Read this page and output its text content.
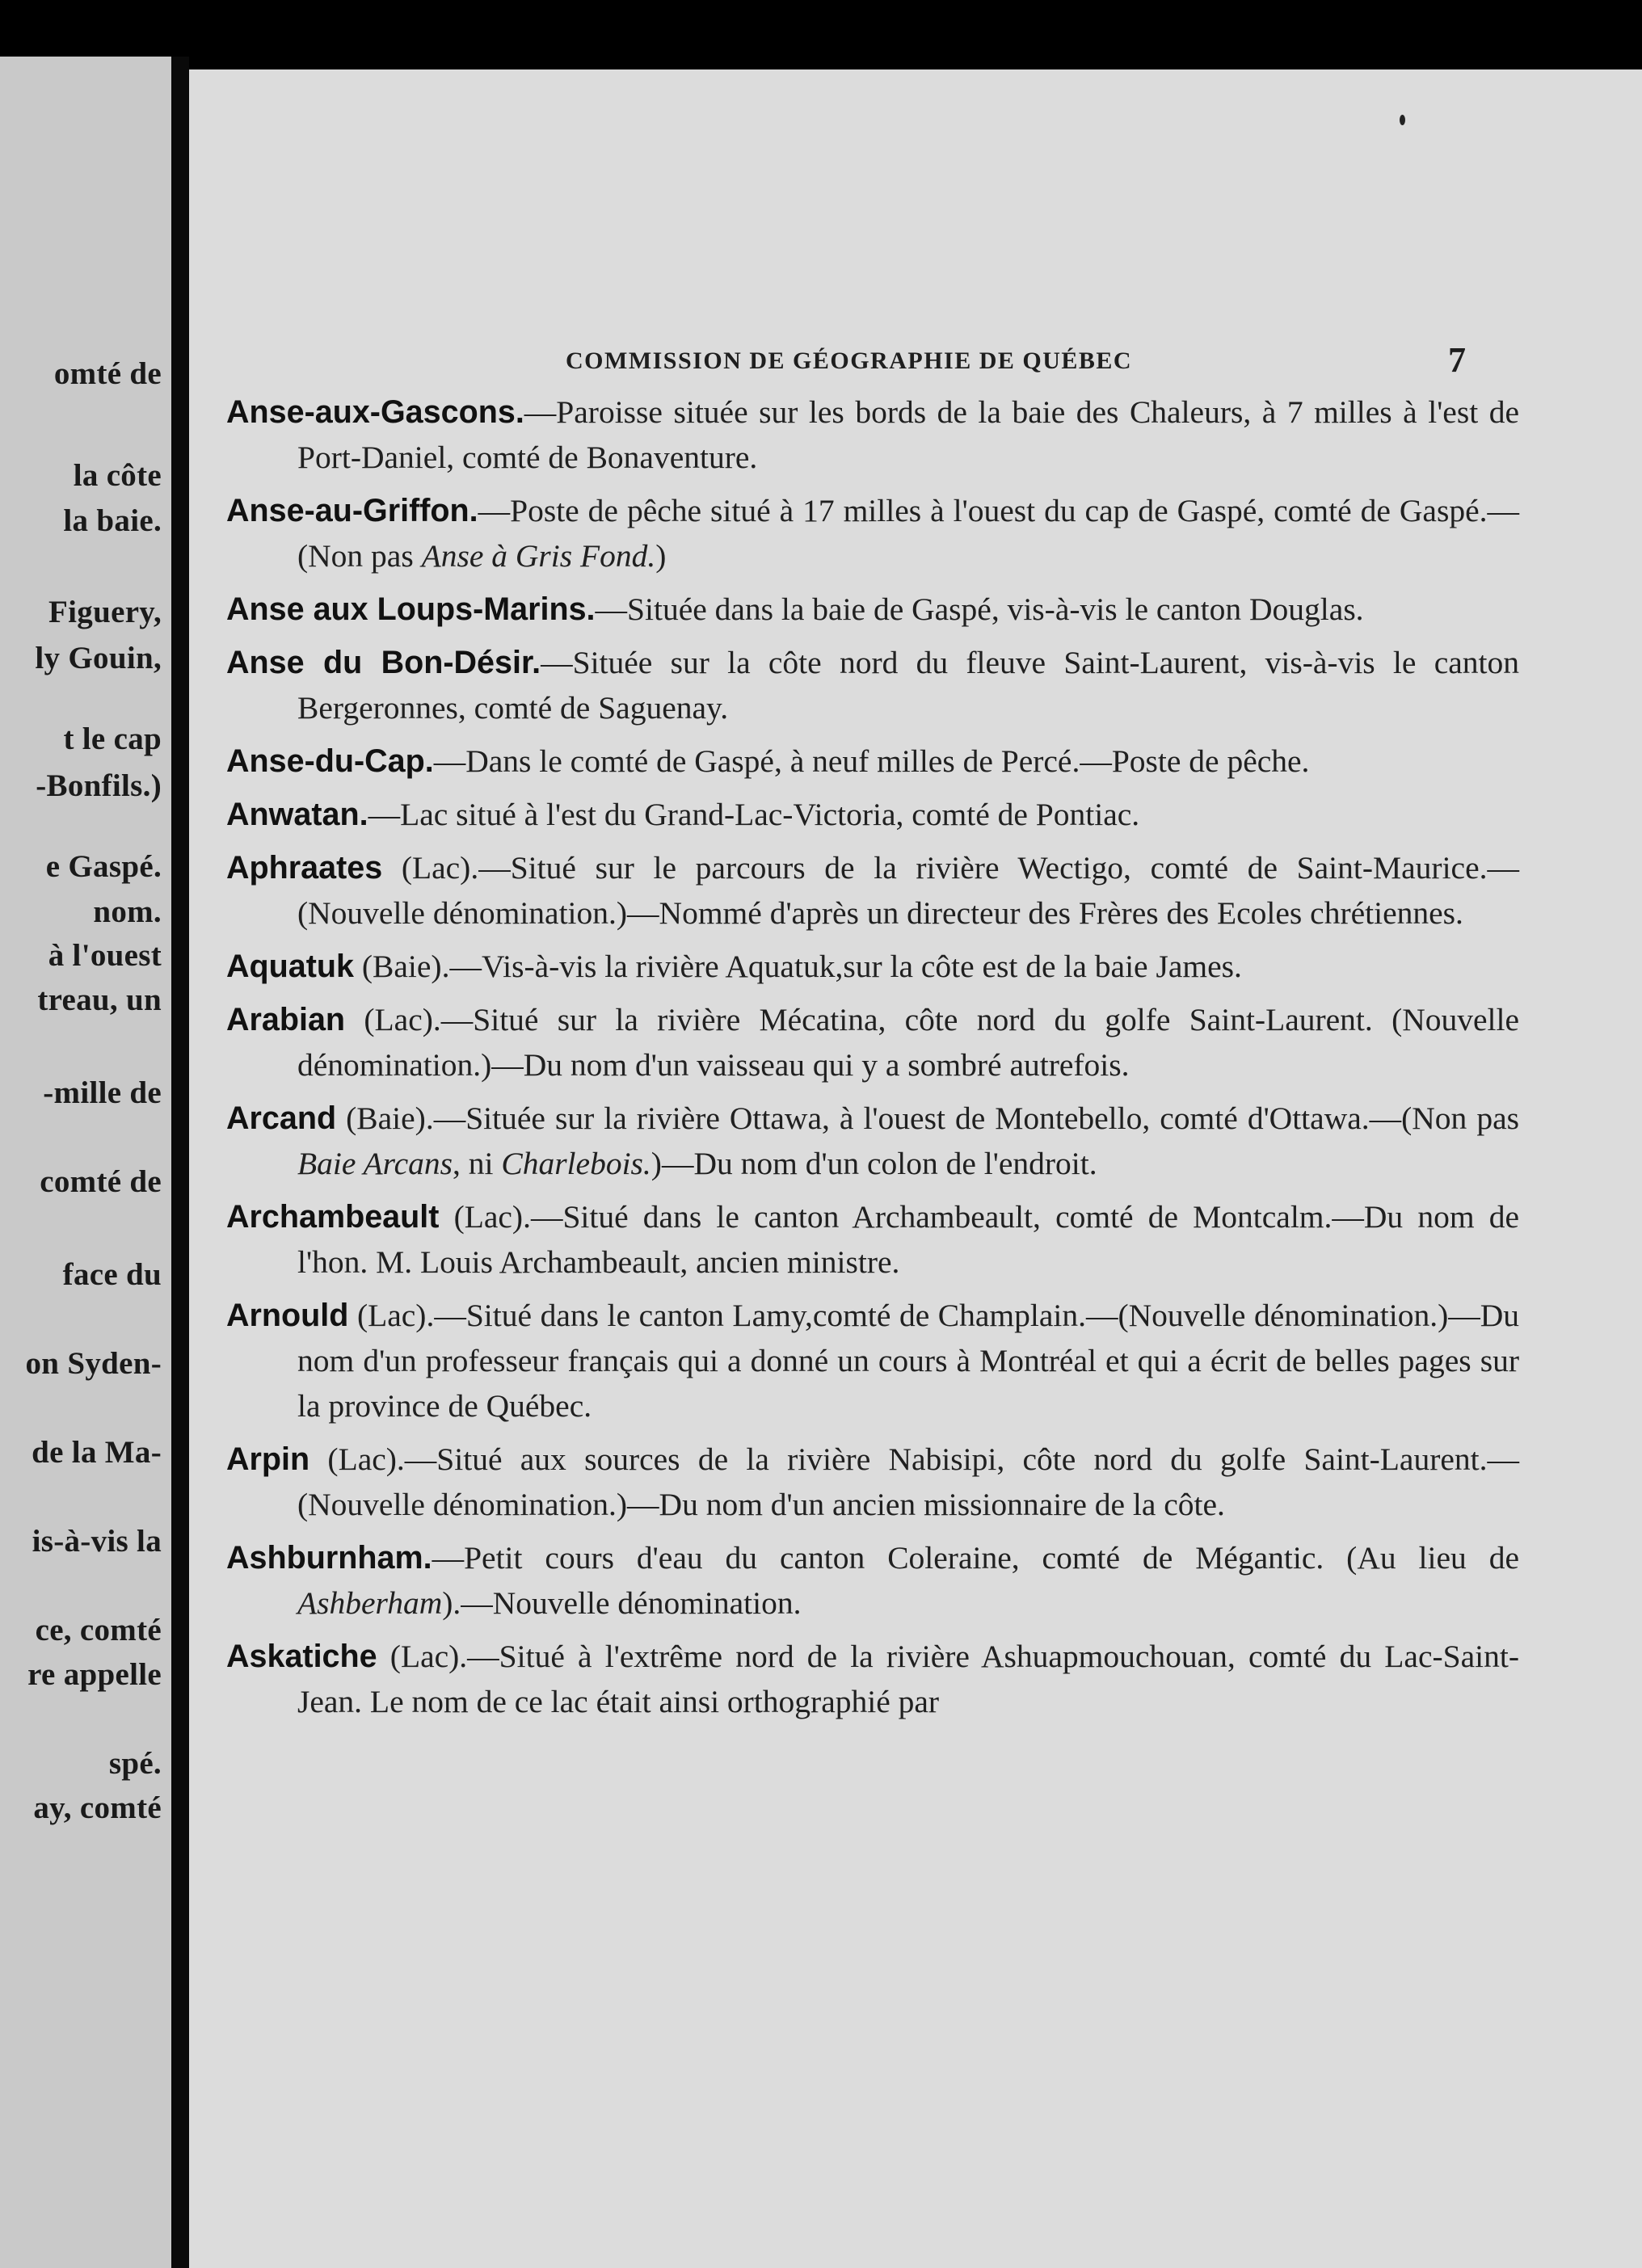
omté de
la côte
la baie.
Figuery,
ly Gouin,
t le cap
-Bonfils.)
e Gaspé.
nom.
à l'ouest
treau, un
-mille de
comté de
face du
on Syden-
de la Ma-
is-à-vis la
ce, comté
re appelle
spé.
ay, comté
COMMISSION DE GÉOGRAPHIE DE QUÉBEC	7
Anse-aux-Gascons.—Paroisse située sur les bords de la baie des Chaleurs, à 7 milles à l'est de Port-Daniel, comté de Bonaventure.
Anse-au-Griffon.—Poste de pêche situé à 17 milles à l'ouest du cap de Gaspé, comté de Gaspé.—(Non pas Anse à Gris Fond.)
Anse aux Loups-Marins.—Située dans la baie de Gaspé, vis-à-vis le canton Douglas.
Anse du Bon-Désir.—Située sur la côte nord du fleuve Saint-Laurent, vis-à-vis le canton Bergeronnes, comté de Saguenay.
Anse-du-Cap.—Dans le comté de Gaspé, à neuf milles de Percé.—Poste de pêche.
Anwatan.—Lac situé à l'est du Grand-Lac-Victoria, comté de Pontiac.
Aphraates (Lac).—Situé sur le parcours de la rivière Wectigo, comté de Saint-Maurice.—(Nouvelle dénomination.)—Nommé d'après un directeur des Frères des Ecoles chrétiennes.
Aquatuk (Baie).—Vis-à-vis la rivière Aquatuk,sur la côte est de la baie James.
Arabian (Lac).—Situé sur la rivière Mécatina, côte nord du golfe Saint-Laurent. (Nouvelle dénomination.)—Du nom d'un vaisseau qui y a sombré autrefois.
Arcand (Baie).—Située sur la rivière Ottawa, à l'ouest de Montebello, comté d'Ottawa.—(Non pas Baie Arcans, ni Charlebois.)—Du nom d'un colon de l'endroit.
Archambeault (Lac).—Situé dans le canton Archambeault, comté de Montcalm.—Du nom de l'hon. M. Louis Archambeault, ancien ministre.
Arnould (Lac).—Situé dans le canton Lamy,comté de Champlain.—(Nouvelle dénomination.)—Du nom d'un professeur français qui a donné un cours à Montréal et qui a écrit de belles pages sur la province de Québec.
Arpin (Lac).—Situé aux sources de la rivière Nabisipi, côte nord du golfe Saint-Laurent.—(Nouvelle dénomination.)—Du nom d'un ancien missionnaire de la côte.
Ashburnham.—Petit cours d'eau du canton Coleraine, comté de Mégantic. (Au lieu de Ashberham).—Nouvelle dénomination.
Askatiche (Lac).—Situé à l'extrême nord de la rivière Ashuapmouchouan, comté du Lac-Saint-Jean. Le nom de ce lac était ainsi orthographié par
